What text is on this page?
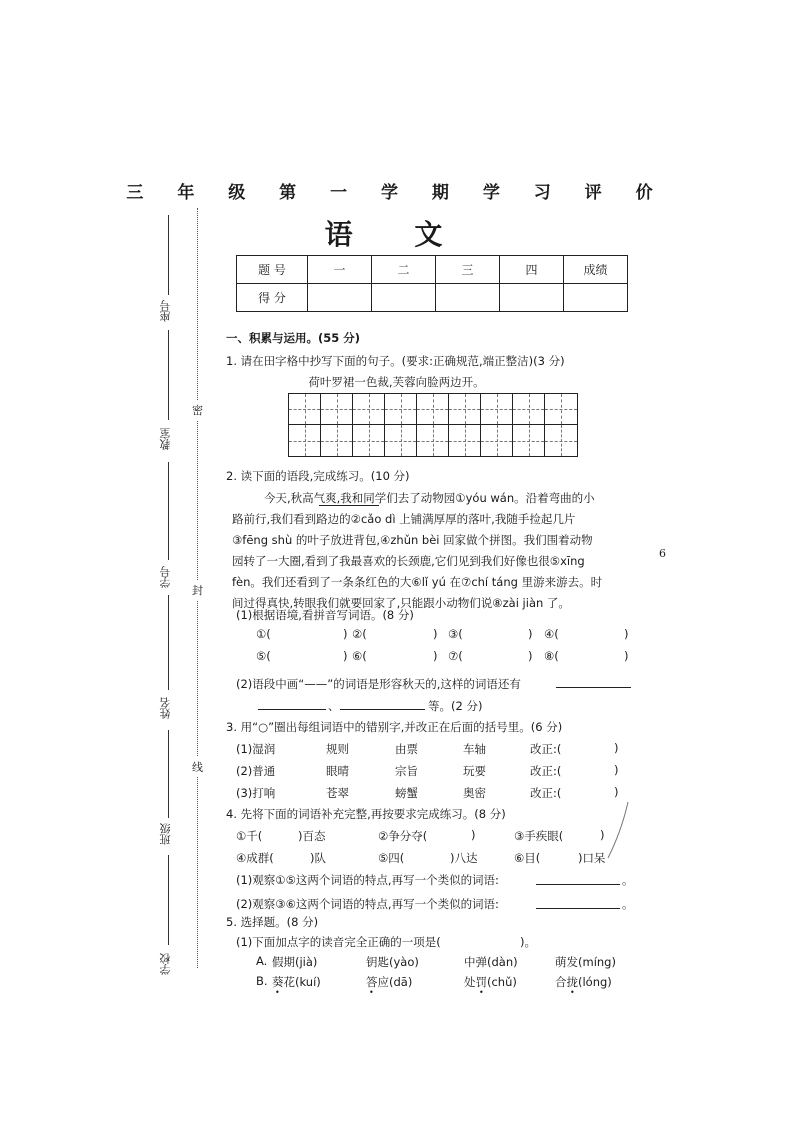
座号
教室
学号
姓名
班级
学校
密
封
线
三 年 级 第 一 学 期 学 习 评 价
语 文
题 号	一	二	三	四	成绩
得 分					
一、积累与运用。(55 分)
1. 请在田字格中抄写下面的句子。(要求:正确规范,端正整洁)(3 分)
荷叶罗裙一色裁,芙蓉向脸两边开。
2. 读下面的语段,完成练习。(10 分)
今天,秋高气爽,我和同学们去了动物园①yóu wán。沿着弯曲的小
路前行,我们看到路边的②cǎo dì 上铺满厚厚的落叶,我随手捡起几片
③fēng shù 的叶子放进背包,④zhǔn bèi 回家做个拼图。我们围着动物
园转了一大圈,看到了我最喜欢的长颈鹿,它们见到我们好像也很⑤xīng
fèn。我们还看到了一条条红色的大⑥lǐ yú 在⑦chí táng 里游来游去。时
间过得真快,转眼我们就要回家了,只能跟小动物们说⑧zài jiàn 了。
6
(1)根据语境,看拼音写词语。(8 分)
①(	) ②(	) ③(	) ④(	)
⑤(	) ⑥(	) ⑦(	) ⑧(	)
(2)语段中画“——”的词语是形容秋天的,这样的词语还有
、	等。(2 分)
3. 用“○”圈出每组词语中的错别字,并改正在后面的括号里。(6 分)
(1)湿润	规则	由票	车轴	改正:(	)
(2)普通	眼晴	宗旨	玩要	改正:(	)
(3)打响	苍翠	螃蟹	奥密	改正:(	)
4. 先将下面的词语补充完整,再按要求完成练习。(8 分)
①千(	)百态	②争分夺(	)	③手疾眼(	)
④成群(	)队	⑤四(	)八达	⑥目(	)口呆
(1)观察①⑤这两个词语的特点,再写一个类似的词语:	。
(2)观察③⑥这两个词语的特点,再写一个类似的词语:	。
5. 选择题。(8 分)
(1)下面加点字的读音完全正确的一项是(	)。
A. 假期(jià)	钥匙(yào)	中弹(dàn)	萌发(míng)
B. 葵花(kuí)	答应(dā)	处罚(chǔ)	合拢(lóng)
•	•	•	•
